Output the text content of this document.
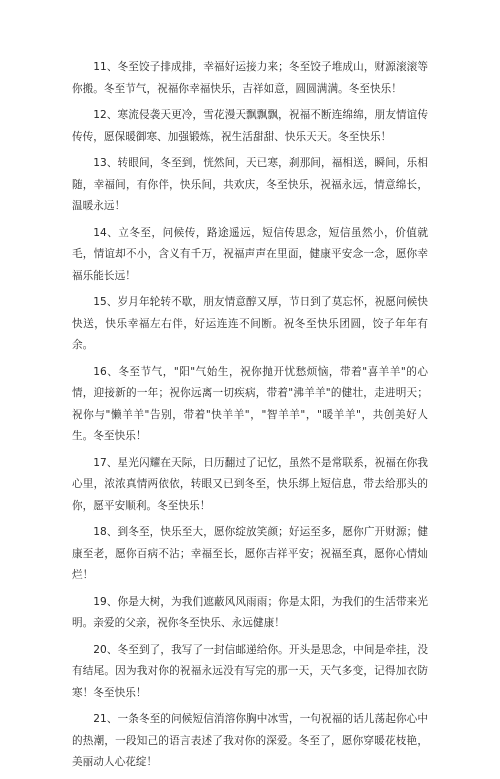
11、冬至饺子排成排，幸福好运接力来；冬至饺子堆成山，财源滚滚等你搬。冬至节气，祝福你幸福快乐，吉祥如意，圆圆满满。冬至快乐！

12、寒流侵袭天更冷，雪花漫天飘飘飘，祝福不断连绵绵，朋友情谊传传传，愿保暖御寒、加强锻炼，祝生活甜甜、快乐天天。冬至快乐！

13、转眼间，冬至到，恍然间，天已寒，刹那间，福相送，瞬间，乐相随，幸福间，有你伴，快乐间，共欢庆，冬至快乐，祝福永远，情意绵长，温暖永远！

14、立冬至，问候传，路途遥远，短信传思念，短信虽然小，价值就毛，情谊却不小，含义有千万，祝福声声在里面，健康平安念一念，愿你幸福乐能长远！

15、岁月年轮转不歇，朋友情意醇又厚，节日到了莫忘怀，祝愿问候快快送，快乐幸福左右伴，好运连连不间断。祝冬至快乐团圆，饺子年年有余。

16、冬至节气，"阳"气始生，祝你抛开忧愁烦恼，带着"喜羊羊"的心情，迎接新的一年；祝你远离一切疾病，带着"沸羊羊"的健壮，走进明天；祝你与"懒羊羊"告别，带着"快羊羊"，"智羊羊"，"暖羊羊"，共创美好人生。冬至快乐！

17、星光闪耀在天际，日历翻过了记忆，虽然不是常联系，祝福在你我心里，浓浓真情两依依，转眼又已到冬至，快乐绑上短信息，带去给那头的你，愿平安顺利。冬至快乐！

18、到冬至，快乐至大，愿你绽放笑颜；好运至多，愿你广开财源；健康至老，愿你百病不沾；幸福至长，愿你吉祥平安；祝福至真，愿你心情灿烂！

19、你是大树，为我们遮蔽风风雨雨；你是太阳，为我们的生活带来光明。亲爱的父亲，祝你冬至快乐、永远健康！

20、冬至到了，我写了一封信邮递给你。开头是思念，中间是牵挂，没有结尾。因为我对你的祝福永远没有写完的那一天，天气多变，记得加衣防寒！冬至快乐！

21、一条冬至的问候短信消溶你胸中冰雪，一句祝福的话儿荡起你心中的热潮，一段知己的语言表述了我对你的深爱。冬至了，愿你穿暖花枝艳，美丽动人心花绽！
